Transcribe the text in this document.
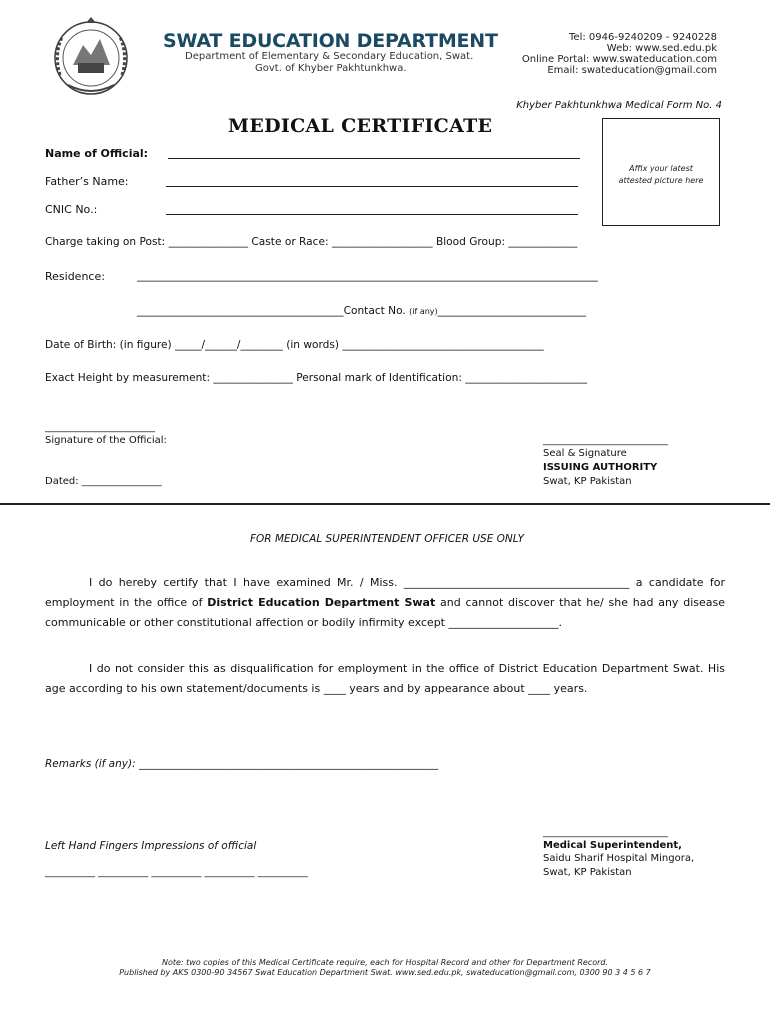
SWAT EDUCATION DEPARTMENT
Department of Elementary & Secondary Education, Swat.
Govt. of Khyber Pakhtunkhwa.
Tel: 0946-9240209 - 9240228
Web: www.sed.edu.pk
Online Portal: www.swateducation.com
Email: swateducation@gmail.com
Khyber Pakhtunkhwa Medical Form No. 4
MEDICAL CERTIFICATE
Affix your latest
attested picture here
Name of Official:
Father’s Name:
CNIC No.:
Charge taking on Post: _______________ Caste or Race: ___________________ Blood Group: _____________
Residence:	_______________________________________________________________________________________
_______________________________________Contact No. (if any)____________________________
Date of Birth: (in figure) _____/______/________ (in words) ______________________________________
Exact Height by measurement: _______________ Personal mark of Identification: _______________________
______________________
Signature of the Official:
Dated: ________________
_________________________
Seal & Signature
ISSUING AUTHORITY
Swat, KP Pakistan
FOR MEDICAL SUPERINTENDENT OFFICER USE ONLY
I do hereby certify that I have examined Mr. / Miss. _________________________________________ a candidate for employment in the office of District Education Department Swat and cannot discover that he/ she had any disease communicable or other constitutional affection or bodily infirmity except ____________________.
I do not consider this as disqualification for employment in the office of District Education Department Swat. His age according to his own statement/documents is ____ years and by appearance about ____ years.
Remarks (if any): _________________________________________________________
_________________________
Medical Superintendent,
Saidu Sharif Hospital Mingora,
Swat, KP Pakistan
Left Hand Fingers Impressions of official
__________ __________ __________ __________ __________
Note: two copies of this Medical Certificate require, each for Hospital Record and other for Department Record.
Published by AKS 0300-90 34567 Swat Education Department Swat. www.sed.edu.pk, swateducation@gmail.com, 0300 90 3 4 5 6 7
